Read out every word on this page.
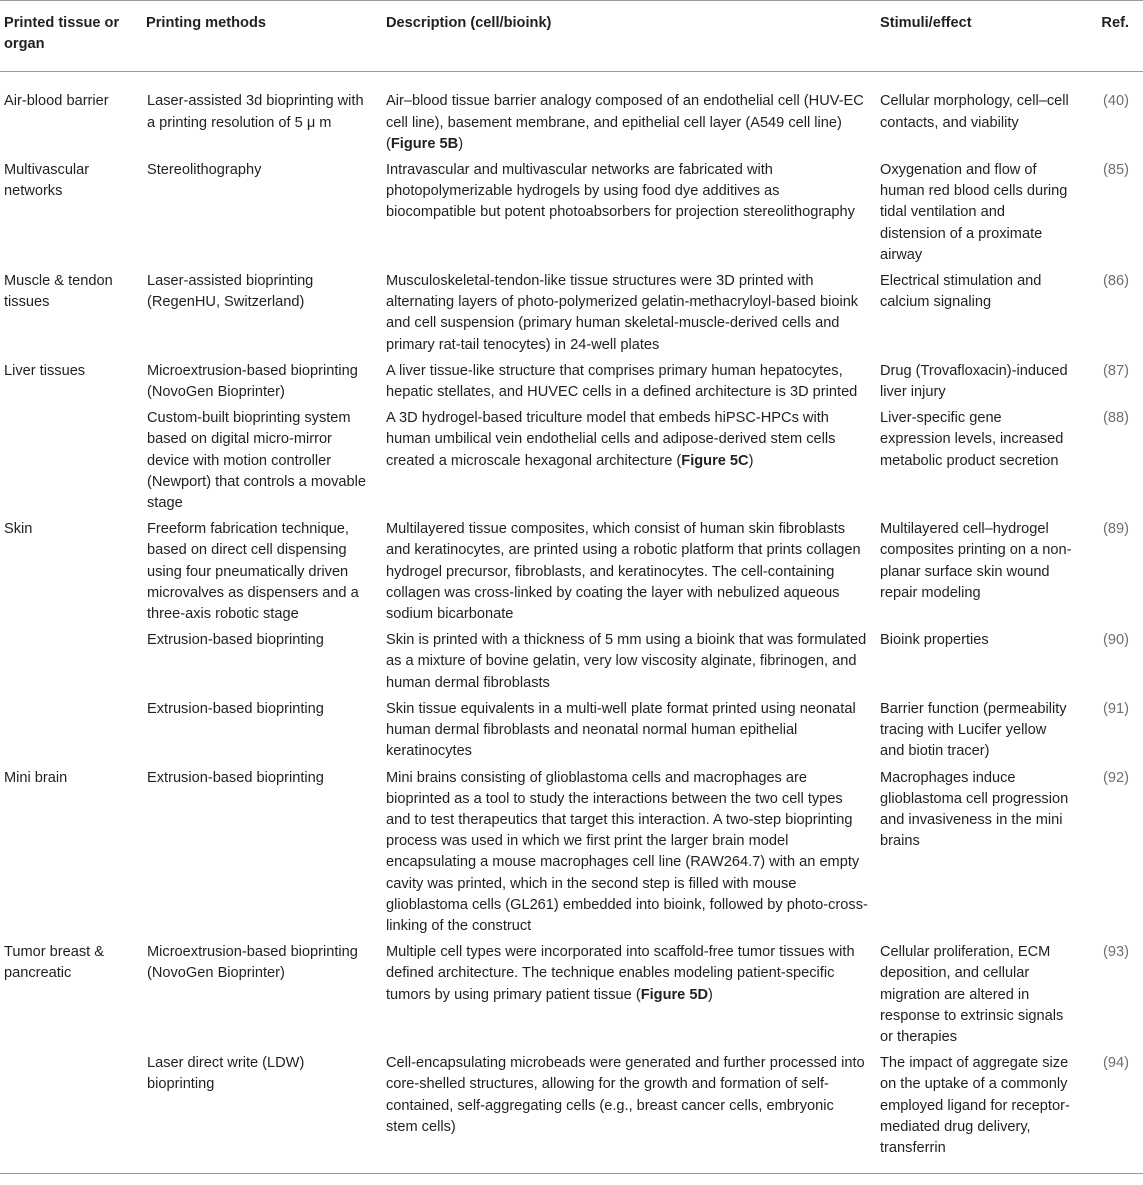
Printed tissue or organ	Printing methods	Description (cell/bioink)	Stimuli/effect	Ref.
Air-blood barrier	Laser-assisted 3d bioprinting with a printing resolution of 5 μ m	Air–blood tissue barrier analogy composed of an endothelial cell (HUV-EC cell line), basement membrane, and epithelial cell layer (A549 cell line) (Figure 5B)	Cellular morphology, cell–cell contacts, and viability	(40)
Multivascular networks	Stereolithography	Intravascular and multivascular networks are fabricated with photopolymerizable hydrogels by using food dye additives as biocompatible but potent photoabsorbers for projection stereolithography	Oxygenation and flow of human red blood cells during tidal ventilation and distension of a proximate airway	(85)
Muscle & tendon tissues	Laser-assisted bioprinting (RegenHU, Switzerland)	Musculoskeletal-tendon-like tissue structures were 3D printed with alternating layers of photo-polymerized gelatin-methacryloyl-based bioink and cell suspension (primary human skeletal-muscle-derived cells and primary rat-tail tenocytes) in 24-well plates	Electrical stimulation and calcium signaling	(86)
Liver tissues	Microextrusion-based bioprinting (NovoGen Bioprinter)	A liver tissue-like structure that comprises primary human hepatocytes, hepatic stellates, and HUVEC cells in a defined architecture is 3D printed	Drug (Trovafloxacin)-induced liver injury	(87)
	Custom-built bioprinting system based on digital micro-mirror device with motion controller (Newport) that controls a movable stage	A 3D hydrogel-based triculture model that embeds hiPSC-HPCs with human umbilical vein endothelial cells and adipose-derived stem cells created a microscale hexagonal architecture (Figure 5C)	Liver-specific gene expression levels, increased metabolic product secretion	(88)
Skin	Freeform fabrication technique, based on direct cell dispensing using four pneumatically driven microvalves as dispensers and a three-axis robotic stage	Multilayered tissue composites, which consist of human skin fibroblasts and keratinocytes, are printed using a robotic platform that prints collagen hydrogel precursor, fibroblasts, and keratinocytes. The cell-containing collagen was cross-linked by coating the layer with nebulized aqueous sodium bicarbonate	Multilayered cell–hydrogel composites printing on a non-planar surface skin wound repair modeling	(89)
	Extrusion-based bioprinting	Skin is printed with a thickness of 5 mm using a bioink that was formulated as a mixture of bovine gelatin, very low viscosity alginate, fibrinogen, and human dermal fibroblasts	Bioink properties	(90)
	Extrusion-based bioprinting	Skin tissue equivalents in a multi-well plate format printed using neonatal human dermal fibroblasts and neonatal normal human epithelial keratinocytes	Barrier function (permeability tracing with Lucifer yellow and biotin tracer)	(91)
Mini brain	Extrusion-based bioprinting	Mini brains consisting of glioblastoma cells and macrophages are bioprinted as a tool to study the interactions between the two cell types and to test therapeutics that target this interaction. A two-step bioprinting process was used in which we first print the larger brain model encapsulating a mouse macrophages cell line (RAW264.7) with an empty cavity was printed, which in the second step is filled with mouse glioblastoma cells (GL261) embedded into bioink, followed by photo-cross-linking of the construct	Macrophages induce glioblastoma cell progression and invasiveness in the mini brains	(92)
Tumor breast & pancreatic	Microextrusion-based bioprinting (NovoGen Bioprinter)	Multiple cell types were incorporated into scaffold-free tumor tissues with defined architecture. The technique enables modeling patient-specific tumors by using primary patient tissue (Figure 5D)	Cellular proliferation, ECM deposition, and cellular migration are altered in response to extrinsic signals or therapies	(93)
	Laser direct write (LDW) bioprinting	Cell-encapsulating microbeads were generated and further processed into core-shelled structures, allowing for the growth and formation of self-contained, self-aggregating cells (e.g., breast cancer cells, embryonic stem cells)	The impact of aggregate size on the uptake of a commonly employed ligand for receptor-mediated drug delivery, transferrin	(94)
